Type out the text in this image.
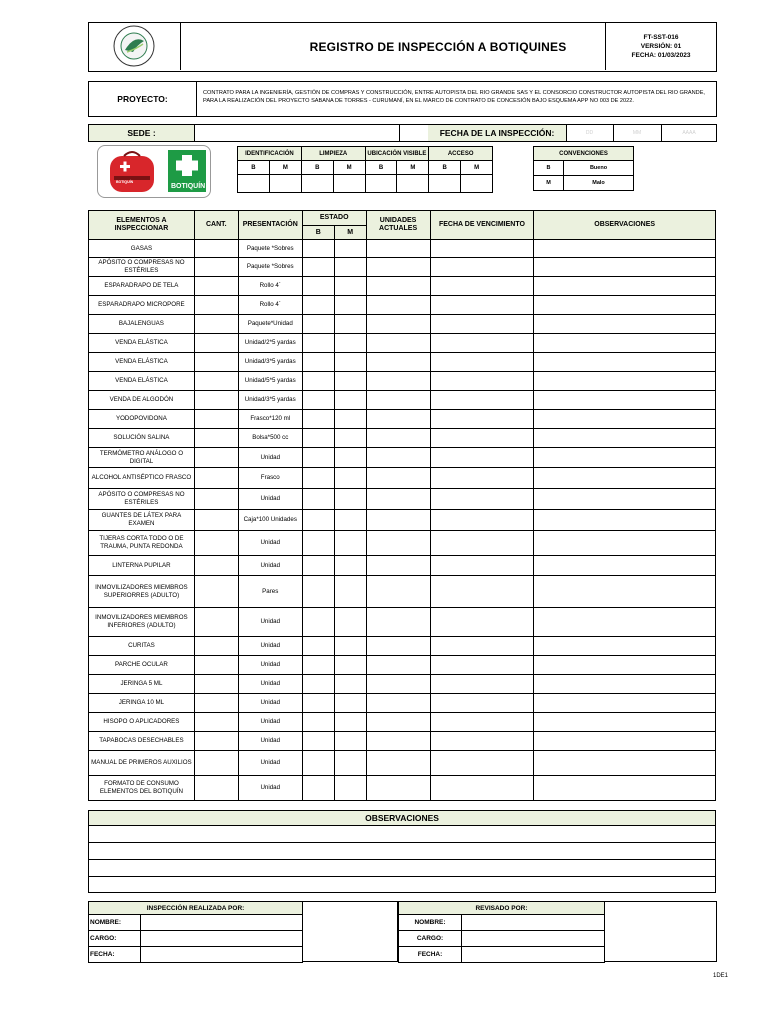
REGISTRO DE INSPECCIÓN A BOTIQUINES
FT-SST-016
VERSIÓN: 01
FECHA: 01/03/2023
PROYECTO:
CONTRATO PARA LA INGENIERÍA, GESTIÓN DE COMPRAS Y CONSTRUCCIÓN, ENTRE AUTOPISTA DEL RIO GRANDE SAS Y EL CONSORCIO CONSTRUCTOR AUTOPISTA DEL RIO GRANDE, PARA LA REALIZACIÓN DEL PROYECTO SABANA DE TORRES - CURUMANÍ, EN EL MARCO DE CONTRATO DE CONCESIÓN BAJO ESQUEMA APP NO 003 DE 2022.
SEDE :	FECHA DE LA INSPECCIÓN:	DD	MM	AAAA
BOTIQUÍN
BOTIQUÍN
IDENTIFICACIÓN		LIMPIEZA		UBICACIÓN VISIBLE		ACCESO	
B	M	B	M	B	M	B	M

CONVENCIONES	
B	Bueno
M	Malo
ELEMENTOS A INSPECCIONAR	CANT.	PRESENTACIÓN	ESTADO		UNIDADES ACTUALES	FECHA DE VENCIMIENTO	OBSERVACIONES
			B	M			
GASAS		Paquete *Sobres					
APÓSITO O COMPRESAS NO ESTÉRILES		Paquete *Sobres					
ESPARADRAPO DE TELA		Rollo 4´					
ESPARADRAPO MICROPORE		Rollo 4´					
BAJALENGUAS		Paquete*Unidad					
VENDA ELÁSTICA		Unidad/2*5 yardas					
VENDA ELÁSTICA		Unidad/3*5 yardas					
VENDA ELÁSTICA		Unidad/5*5 yardas					
VENDA DE ALGODÓN		Unidad/3*5 yardas					
YODOPOVIDONA		Frasco*120 ml					
SOLUCIÓN SALINA		Bolsa*500 cc					
TERMÓMETRO ANÁLOGO O DIGITAL		Unidad					
ALCOHOL ANTISÉPTICO FRASCO		Frasco					
APÓSITO O COMPRESAS NO ESTÉRILES		Unidad					
GUANTES DE LÁTEX PARA EXAMEN		Caja*100 Unidades					
TIJERAS CORTA TODO O DE TRAUMA, PUNTA REDONDA		Unidad					
LINTERNA PUPILAR		Unidad					
INMOVILIZADORES MIEMBROS SUPERIORRES (ADULTO)		Pares					
INMOVILIZADORES MIEMBROS INFERIORES (ADULTO)		Unidad					
CURITAS		Unidad					
PARCHE OCULAR		Unidad					
JERINGA 5 ML		Unidad					
JERINGA 10 ML		Unidad					
HISOPO O APLICADORES		Unidad					
TAPABOCAS DESECHABLES		Unidad					
MANUAL DE PRIMEROS AUXILIOS		Unidad					
FORMATO DE CONSUMO ELEMENTOS DEL BOTIQUÍN		Unidad					
OBSERVACIONES

INSPECCIÓN REALIZADA POR:	
NOMBRE:	
CARGO:	
FECHA:	
REVISADO POR:	
NOMBRE:	
CARGO:	
FECHA:	
1DE1
